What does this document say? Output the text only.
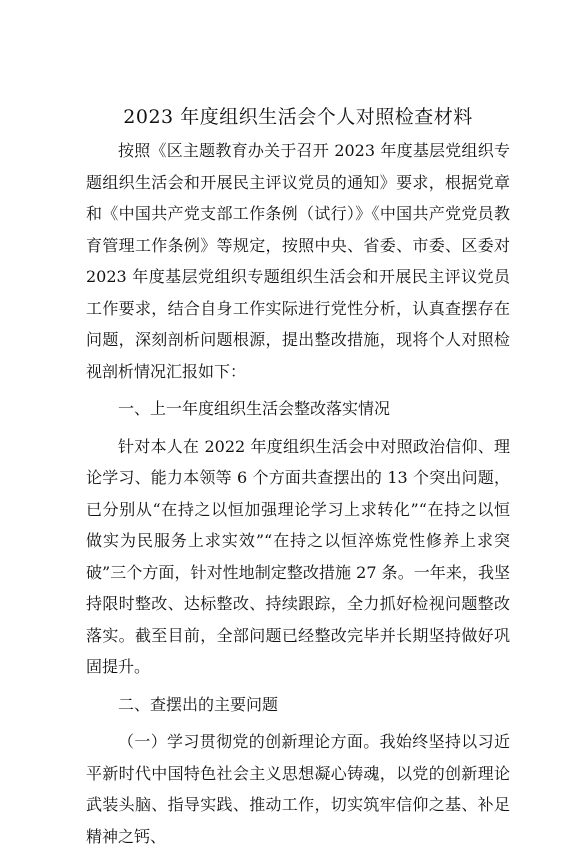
2023 年度组织生活会个人对照检查材料

按照《区主题教育办关于召开 2023 年度基层党组织专题组织生活会和开展民主评议党员的通知》要求，根据党章和《中国共产党支部工作条例（试行）》《中国共产党党员教育管理工作条例》等规定，按照中央、省委、市委、区委对 2023 年度基层党组织专题组织生活会和开展民主评议党员工作要求，结合自身工作实际进行党性分析，认真查摆存在问题，深刻剖析问题根源，提出整改措施，现将个人对照检视剖析情况汇报如下：

一、上一年度组织生活会整改落实情况

针对本人在 2022 年度组织生活会中对照政治信仰、理论学习、能力本领等 6 个方面共查摆出的 13 个突出问题，已分别从“在持之以恒加强理论学习上求转化”“在持之以恒做实为民服务上求实效”“在持之以恒淬炼党性修养上求突破”三个方面，针对性地制定整改措施 27 条。一年来，我坚持限时整改、达标整改、持续跟踪，全力抓好检视问题整改落实。截至目前，全部问题已经整改完毕并长期坚持做好巩固提升。

二、查摆出的主要问题

（一）学习贯彻党的创新理论方面。我始终坚持以习近平新时代中国特色社会主义思想凝心铸魂，以党的创新理论武装头脑、指导实践、推动工作，切实筑牢信仰之基、补足精神之钙、
